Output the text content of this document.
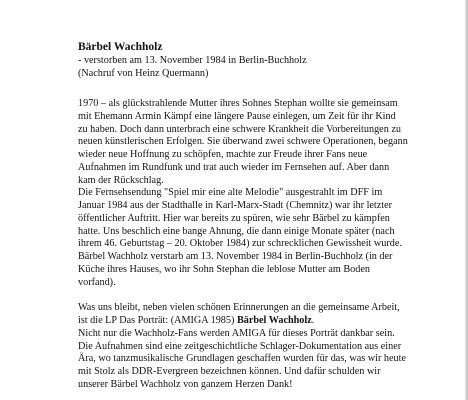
Bärbel Wachholz

- verstorben am 13. November 1984 in Berlin-Buchholz

(Nachruf von Heinz Quermann)

1970 – als glückstrahlende Mutter ihres Sohnes Stephan wollte sie gemeinsam
mit Ehemann Armin Kämpf eine längere Pause einlegen, um Zeit für ihr Kind
zu haben. Doch dann unterbrach eine schwere Krankheit die Vorbereitungen zu
neuen künstlerischen Erfolgen. Sie überwand zwei schwere Operationen, begann
wieder neue Hoffnung zu schöpfen, machte zur Freude ihrer Fans neue
Aufnahmen im Rundfunk und trat auch wieder im Fernsehen auf. Aber dann
kam der Rückschlag.
Die Fernsehsendung "Spiel mir eine alte Melodie" ausgestrahlt im DFF im
Januar 1984 aus der Stadthalle in Karl-Marx-Stadt (Chemnitz) war ihr letzter
öffentlicher Auftritt. Hier war bereits zu spüren, wie sehr Bärbel zu kämpfen
hatte. Uns beschlich eine bange Ahnung, die dann einige Monate später (nach
ihrem 46. Geburtstag – 20. Oktober 1984) zur schrecklichen Gewissheit wurde.
Bärbel Wachholz verstarb am 13. November 1984 in Berlin-Buchholz (in der
Küche ihres Hauses, wo ihr Sohn Stephan die leblose Mutter am Boden
vorfand).

Was uns bleibt, neben vielen schönen Erinnerungen an die gemeinsame Arbeit,
ist die LP Das Porträt: (AMIGA 1985) Bärbel Wachholz.
Nicht nur die Wachholz-Fans werden AMIGA für dieses Porträt dankbar sein.
Die Aufnahmen sind eine zeitgeschichtliche Schlager-Dokumentation aus einer
Ära, wo tanzmusikalische Grundlagen geschaffen wurden für das, was wir heute
mit Stolz als DDR-Evergreen bezeichnen können. Und dafür schulden wir
unserer Bärbel Wachholz von ganzem Herzen Dank!
